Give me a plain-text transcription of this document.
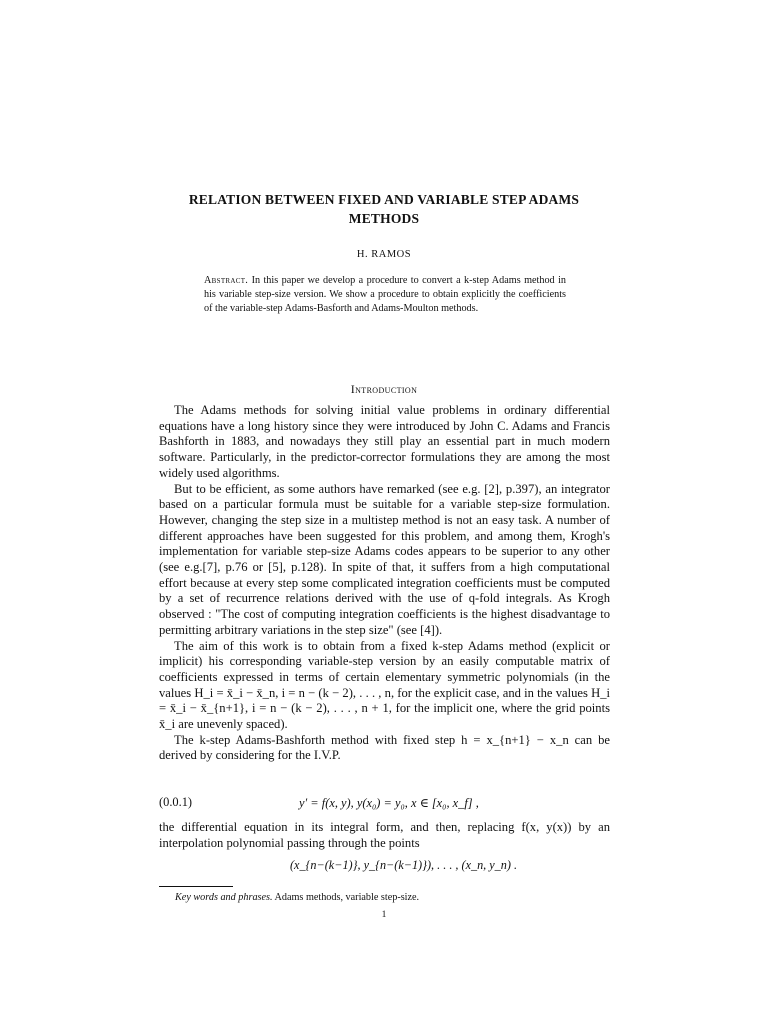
RELATION BETWEEN FIXED AND VARIABLE STEP ADAMS
METHODS
H. RAMOS
Abstract. In this paper we develop a procedure to convert a k-step Adams method in his variable step-size version. We show a procedure to obtain explicitly the coefficients of the variable-step Adams-Basforth and Adams-Moulton methods.
Introduction

The Adams methods for solving initial value problems in ordinary differential equations have a long history since they were introduced by John C. Adams and Francis Bashforth in 1883, and nowadays they still play an essential part in much modern software. Particularly, in the predictor-corrector formulations they are among the most widely used algorithms.

But to be efficient, as some authors have remarked (see e.g. [2], p.397), an integrator based on a particular formula must be suitable for a variable step-size formulation. However, changing the step size in a multistep method is not an easy task. A number of different approaches have been suggested for this problem, and among them, Krogh's implementation for variable step-size Adams codes appears to be superior to any other (see e.g.[7], p.76 or [5], p.128). In spite of that, it suffers from a high computational effort because at every step some complicated integration coefficients must be computed by a set of recurrence relations derived with the use of q-fold integrals. As Krogh observed : "The cost of computing integration coefficients is the highest disadvantage to permitting arbitrary variations in the step size" (see [4]).

The aim of this work is to obtain from a fixed k-step Adams method (explicit or implicit) his corresponding variable-step version by an easily computable matrix of coefficients expressed in terms of certain elementary symmetric polynomials (in the values H_i = x̄_i − x̄_n, i = n − (k − 2), . . . , n, for the explicit case, and in the values H_i = x̄_i − x̄_{n+1}, i = n − (k − 2), . . . , n + 1, for the implicit one, where the grid points x̄_i are unevenly spaced).

The k-step Adams-Bashforth method with fixed step h = x_{n+1} − x_n can be derived by considering for the I.V.P.

(0.0.1)	y′ = f(x, y), y(x₀) = y₀, x ∈ [x₀, x_f] ,
the differential equation in its integral form, and then, replacing f(x, y(x)) by an interpolation polynomial passing through the points
(x_{n−(k−1)}, y_{n−(k−1)}), . . . , (x_n, y_n) .
Key words and phrases. Adams methods, variable step-size.
1
